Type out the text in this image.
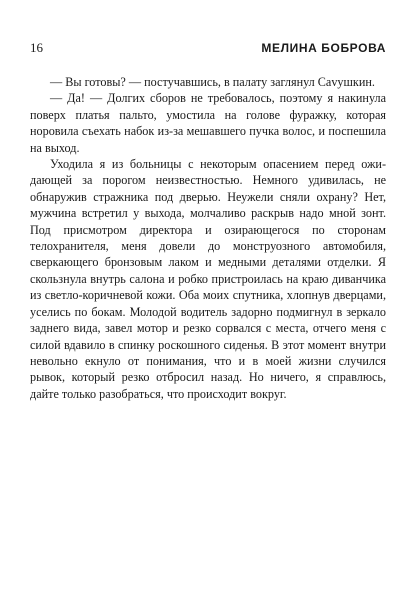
16	МЕЛИНА БОБРОВА

— Вы готовы? — постучавшись, в палату заглянул Саvушкин.

— Да! — Долгих сборов не требовалось, поэтому я накинула поверх платья пальто, умостила на голове фуражку, которая норовила съехать набок из-за мешавшего пучка волос, и поспешила на выход.

Уходила я из больницы с некоторым опасением перед ожидающей за порогом неизвестностью. Немного удивилась, не обнаружив стражника под дверью. Неужели сняли охрану? Нет, мужчина встретил у выхода, молчаливо раскрыв надо мной зонт. Под присмотром директора и озирающегося по сторонам телохранителя, меня довели до монструозного автомобиля, сверкающего бронзовым лаком и медными деталями отделки. Я скользнула внутрь салона и робко пристроилась на краю диванчика из светло-коричневой кожи. Оба моих спутника, хлопнув дверцами, уселись по бокам. Молодой водитель задорно подмигнул в зеркало заднего вида, завел мотор и резко сорвался с места, отчего меня с силой вдавило в спинку роскошного сиденья. В этот момент внутри невольно екнуло от понимания, что и в моей жизни случился рывок, который резко отбросил назад. Но ничего, я справлюсь, дайте только разобраться, что происходит вокруг.
